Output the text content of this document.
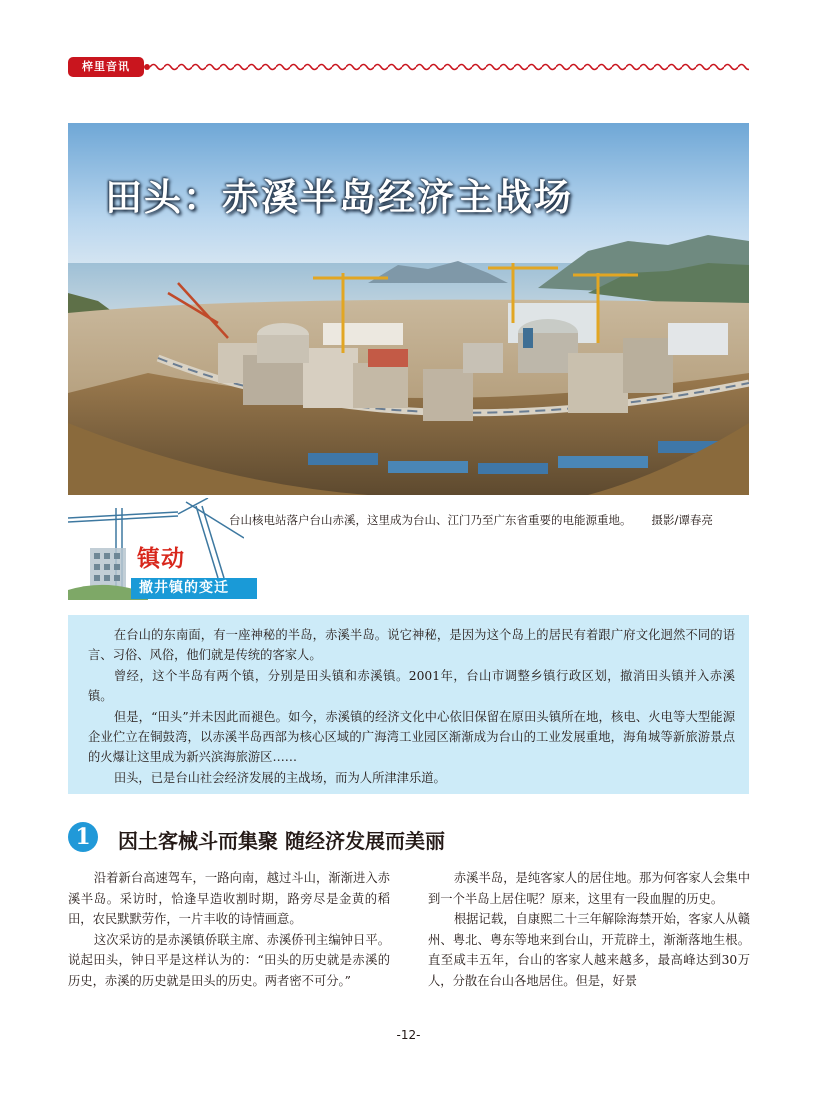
梓里音讯
田头：赤溪半岛经济主战场
台山核电站落户台山赤溪，这里成为台山、江门乃至广东省重要的电能源重地。 摄影/谭春亮
镇动
撤井镇的变迁

在台山的东南面，有一座神秘的半岛，赤溪半岛。说它神秘，是因为这个岛上的居民有着跟广府文化迥然不同的语言、习俗、风俗，他们就是传统的客家人。

曾经，这个半岛有两个镇，分别是田头镇和赤溪镇。2001年，台山市调整乡镇行政区划，撤消田头镇并入赤溪镇。

但是，“田头”并未因此而褪色。如今，赤溪镇的经济文化中心依旧保留在原田头镇所在地，核电、火电等大型能源企业伫立在铜鼓湾，以赤溪半岛西部为核心区域的广海湾工业园区渐渐成为台山的工业发展重地，海角城等新旅游景点的火爆让这里成为新兴滨海旅游区……

田头，已是台山社会经济发展的主战场，而为人所津津乐道。

1	因土客械斗而集聚 随经济发展而美丽

沿着新台高速驾车，一路向南，越过斗山，渐渐进入赤溪半岛。采访时，恰逢早造收割时期，路旁尽是金黄的稻田，农民默默劳作，一片丰收的诗情画意。

这次采访的是赤溪镇侨联主席、赤溪侨刊主编钟日平。说起田头，钟日平是这样认为的：“田头的历史就是赤溪的历史，赤溪的历史就是田头的历史。两者密不可分。”

赤溪半岛，是纯客家人的居住地。那为何客家人会集中到一个半岛上居住呢？原来，这里有一段血腥的历史。

根据记载，自康熙二十三年解除海禁开始，客家人从赣州、粤北、粤东等地来到台山，开荒辟土，渐渐落地生根。直至咸丰五年，台山的客家人越来越多，最高峰达到30万人，分散在台山各地居住。但是，好景

-12-
